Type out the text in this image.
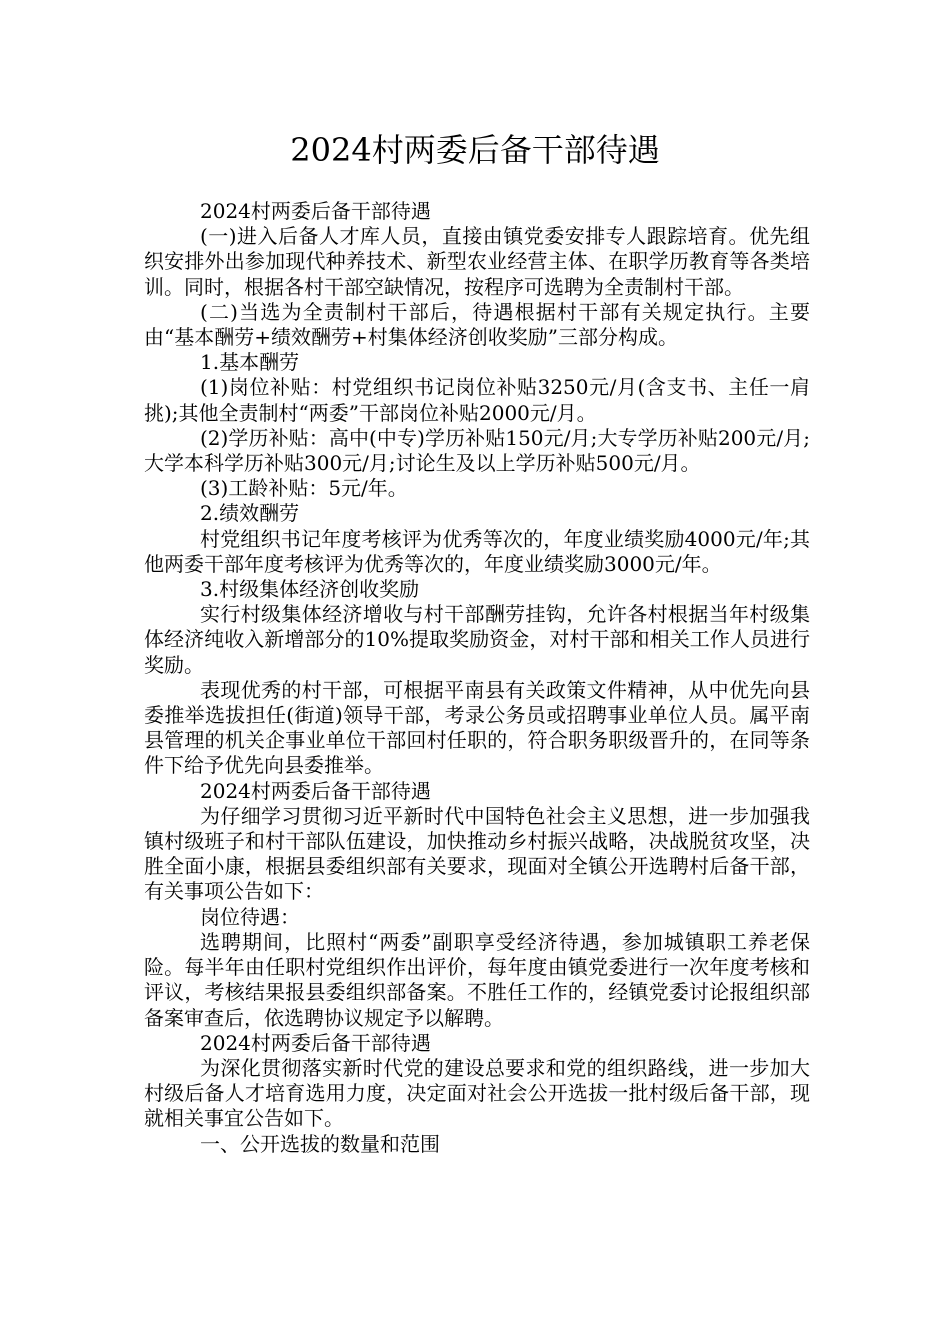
2024村两委后备干部待遇

2024村两委后备干部待遇

(一)进入后备人才库人员，直接由镇党委安排专人跟踪培育。优先组织安排外出参加现代种养技术、新型农业经营主体、在职学历教育等各类培训。同时，根据各村干部空缺情况，按程序可选聘为全责制村干部。

(二)当选为全责制村干部后，待遇根据村干部有关规定执行。主要由“基本酬劳+绩效酬劳+村集体经济创收奖励”三部分构成。

1.基本酬劳

(1)岗位补贴：村党组织书记岗位补贴3250元/月(含支书、主任一肩挑);其他全责制村“两委”干部岗位补贴2000元/月。

(2)学历补贴：高中(中专)学历补贴150元/月;大专学历补贴200元/月;大学本科学历补贴300元/月;讨论生及以上学历补贴500元/月。

(3)工龄补贴：5元/年。

2.绩效酬劳

村党组织书记年度考核评为优秀等次的，年度业绩奖励4000元/年;其他两委干部年度考核评为优秀等次的，年度业绩奖励3000元/年。

3.村级集体经济创收奖励

实行村级集体经济增收与村干部酬劳挂钩，允许各村根据当年村级集体经济纯收入新增部分的10%提取奖励资金，对村干部和相关工作人员进行奖励。

表现优秀的村干部，可根据平南县有关政策文件精神，从中优先向县委推举选拔担任(街道)领导干部，考录公务员或招聘事业单位人员。属平南县管理的机关企事业单位干部回村任职的，符合职务职级晋升的，在同等条件下给予优先向县委推举。

2024村两委后备干部待遇

为仔细学习贯彻习近平新时代中国特色社会主义思想，进一步加强我镇村级班子和村干部队伍建设，加快推动乡村振兴战略，决战脱贫攻坚，决胜全面小康，根据县委组织部有关要求，现面对全镇公开选聘村后备干部，有关事项公告如下：

岗位待遇：

选聘期间，比照村“两委”副职享受经济待遇，参加城镇职工养老保险。每半年由任职村党组织作出评价，每年度由镇党委进行一次年度考核和评议，考核结果报县委组织部备案。不胜任工作的，经镇党委讨论报组织部备案审查后，依选聘协议规定予以解聘。

2024村两委后备干部待遇

为深化贯彻落实新时代党的建设总要求和党的组织路线，进一步加大村级后备人才培育选用力度，决定面对社会公开选拔一批村级后备干部，现就相关事宜公告如下。

一、公开选拔的数量和范围
